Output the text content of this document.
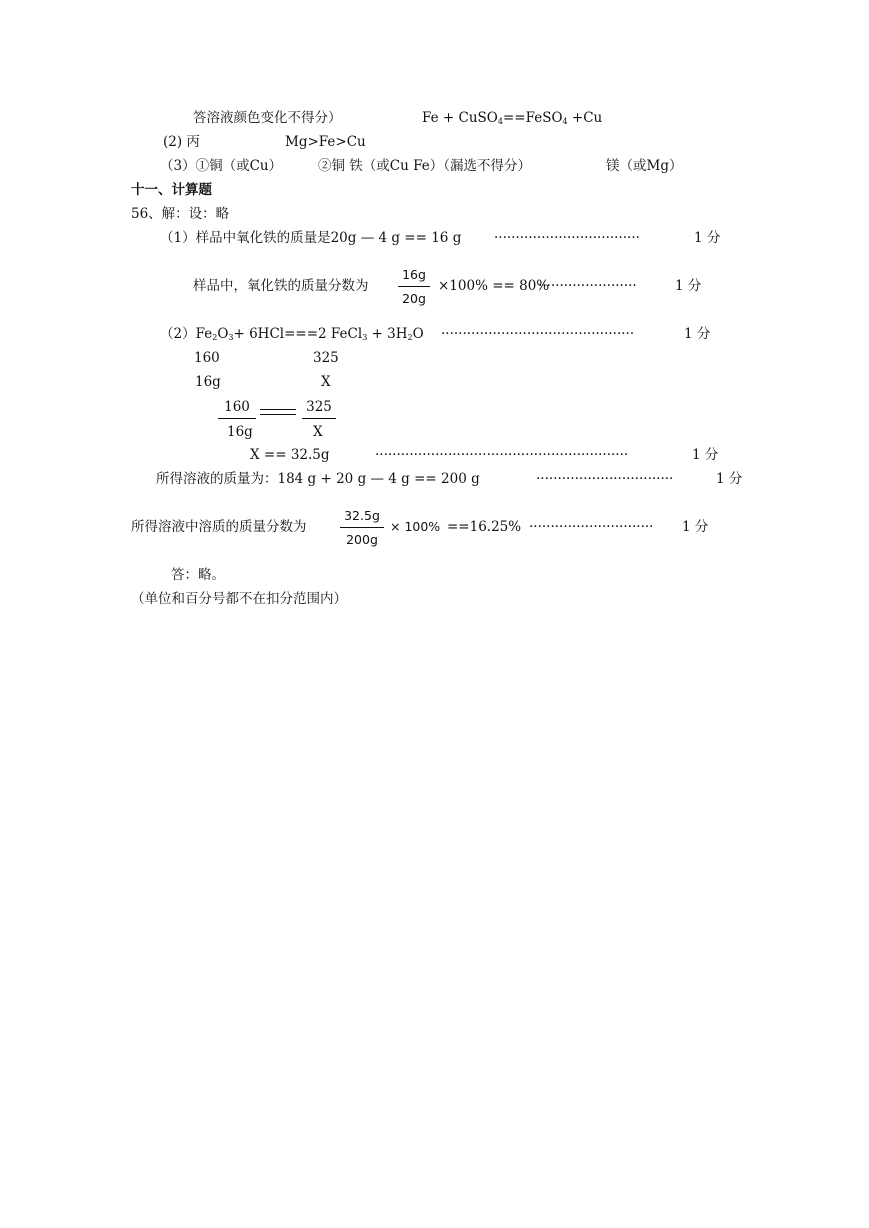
答溶液颜色变化不得分）	Fe + CuSO$_4$==FeSO$_4$ +Cu
(2) 丙	Mg>Fe>Cu
（3）①铜（或Cu）	②铜 铁（或Cu Fe）（漏选不得分）	镁（或Mg）
十一、计算题
56、解：设：略
（1）样品中氧化铁的质量是20g — 4 g == 16 g ··································	1 分
样品中，氧化铁的质量分数为
16g
20g
×100% == 80%
·······················	1 分
$(2)Fe_2O_3+ 6HCl===2$ FeCl$_3$ + $3H_2O$ ·············································	1 分
160	325
16g	X
160	325
16g	X
X == 32.5g	···························································	1 分
所得溶液的质量为：184 g + 20 g — 4 g == 200 g	································	1 分
所得溶液中溶质的质量分数为
32.5g
200g
× 100% ==16.25% ····························· 1 分
答：略。
（单位和百分号都不在扣分范围内）
